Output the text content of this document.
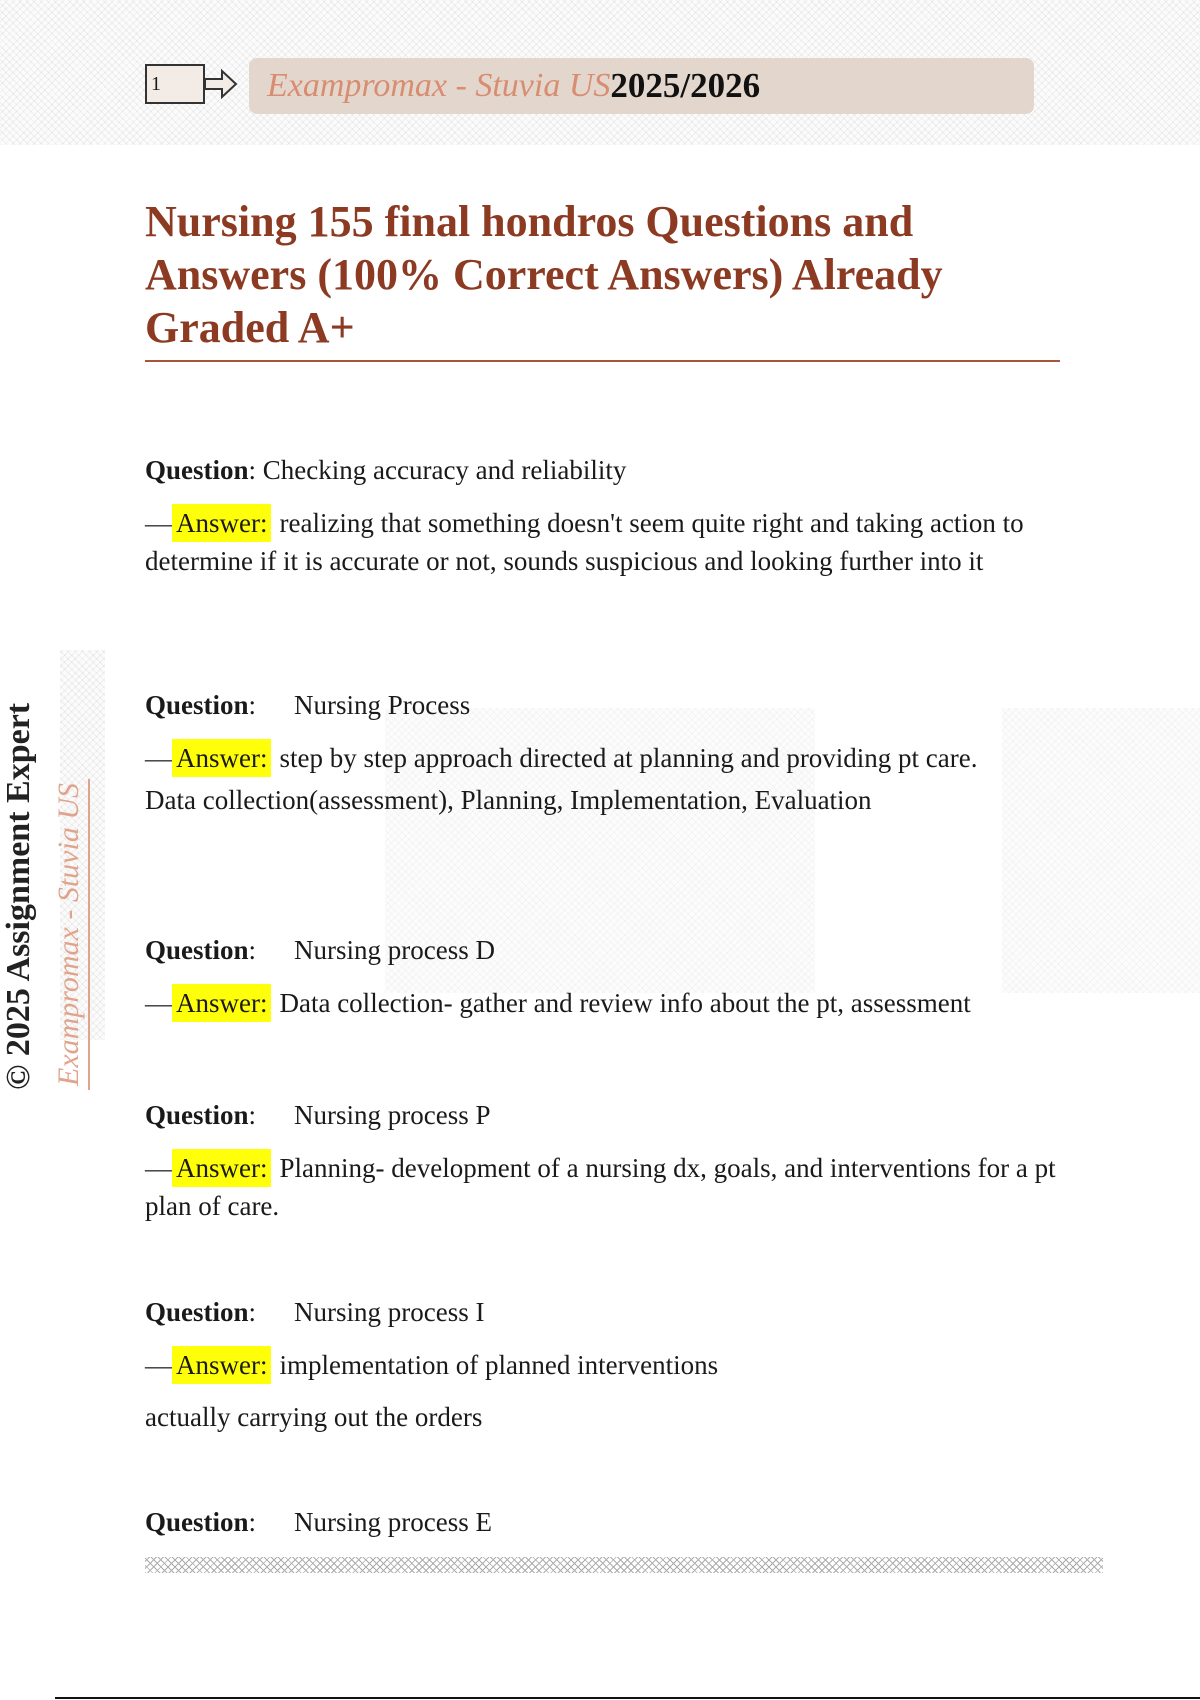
1	Exampromax - Stuvia US 2025/2026
© 2025 Assignment Expert Exampromax - Stuvia US
Nursing 155 final hondros Questions and Answers (100% Correct Answers) Already Graded A+

Question: Checking accuracy and reliability

— Answer: realizing that something doesn't seem quite right and taking action to determine if it is accurate or not, sounds suspicious and looking further into it

Question: Nursing Process

— Answer: step by step approach directed at planning and providing pt care.

Data collection(assessment), Planning, Implementation, Evaluation

Question: Nursing process D

— Answer: Data collection- gather and review info about the pt, assessment

Question: Nursing process P

— Answer: Planning- development of a nursing dx, goals, and interventions for a pt plan of care.

Question: Nursing process I

— Answer: implementation of planned interventions

actually carrying out the orders

Question: Nursing process E
